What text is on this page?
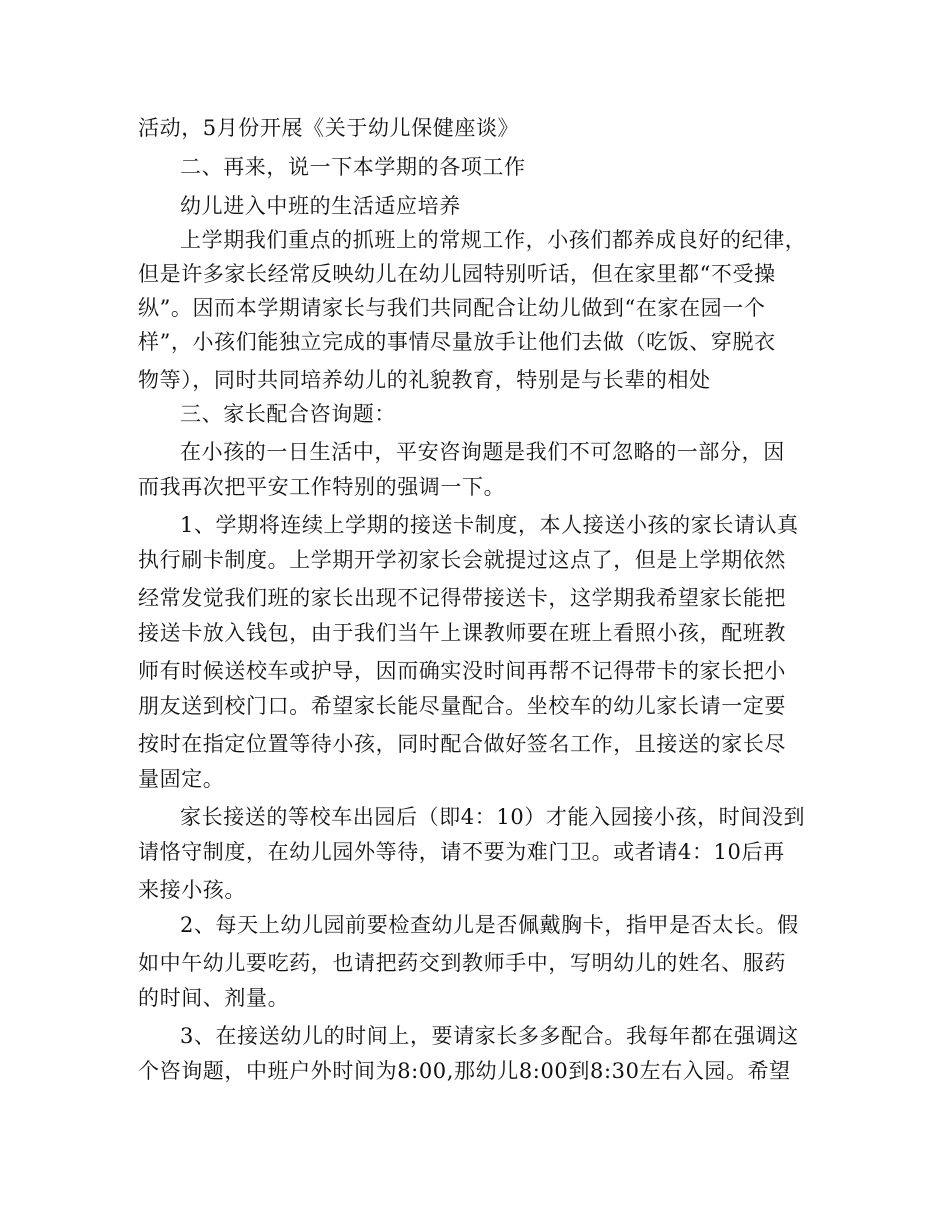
活动，5月份开展《关于幼儿保健座谈》
二、再来，说一下本学期的各项工作
幼儿进入中班的生活适应培养
上学期我们重点的抓班上的常规工作，小孩们都养成良好的纪律，
但是许多家长经常反映幼儿在幼儿园特别听话，但在家里都“不受操
纵”。因而本学期请家长与我们共同配合让幼儿做到“在家在园一个
样”，小孩们能独立完成的事情尽量放手让他们去做（吃饭、穿脱衣
物等），同时共同培养幼儿的礼貌教育，特别是与长辈的相处
三、家长配合咨询题：
在小孩的一日生活中，平安咨询题是我们不可忽略的一部分，因
而我再次把平安工作特别的强调一下。
1、学期将连续上学期的接送卡制度，本人接送小孩的家长请认真
执行刷卡制度。上学期开学初家长会就提过这点了，但是上学期依然
经常发觉我们班的家长出现不记得带接送卡，这学期我希望家长能把
接送卡放入钱包，由于我们当午上课教师要在班上看照小孩，配班教
师有时候送校车或护导，因而确实没时间再帮不记得带卡的家长把小
朋友送到校门口。希望家长能尽量配合。坐校车的幼儿家长请一定要
按时在指定位置等待小孩，同时配合做好签名工作，且接送的家长尽
量固定。
家长接送的等校车出园后（即4：10）才能入园接小孩，时间没到
请恪守制度，在幼儿园外等待，请不要为难门卫。或者请4：10后再
来接小孩。
2、每天上幼儿园前要检查幼儿是否佩戴胸卡，指甲是否太长。假
如中午幼儿要吃药，也请把药交到教师手中，写明幼儿的姓名、服药
的时间、剂量。
3、在接送幼儿的时间上，要请家长多多配合。我每年都在强调这
个咨询题，中班户外时间为8:00,那幼儿8:00到8:30左右入园。希望
